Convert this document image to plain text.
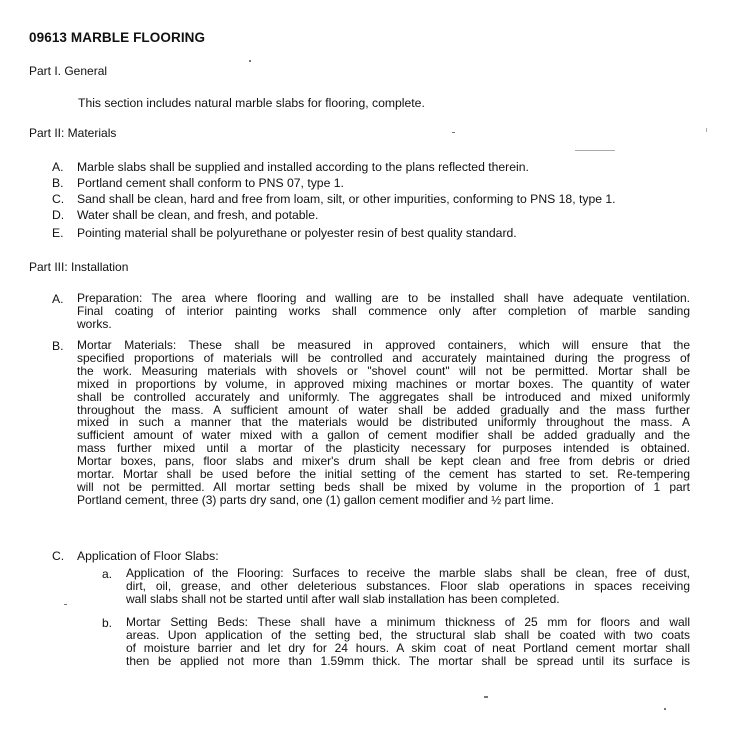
09613 MARBLE FLOORING
Part I. General
This section includes natural marble slabs for flooring, complete.
Part II: Materials
A. Marble slabs shall be supplied and installed according to the plans reflected therein.
B. Portland cement shall conform to PNS 07, type 1.
C. Sand shall be clean, hard and free from loam, silt, or other impurities, conforming to PNS 18, type 1.
D. Water shall be clean, and fresh, and potable.
E. Pointing material shall be polyurethane or polyester resin of best quality standard.
Part III: Installation
A. Preparation: The area where flooring and walling are to be installed shall have adequate ventilation.
Final coating of interior painting works shall commence only after completion of marble sanding
works.
B. Mortar Materials: These shall be measured in approved containers, which will ensure that the
specified proportions of materials will be controlled and accurately maintained during the progress of
the work. Measuring materials with shovels or "shovel count" will not be permitted. Mortar shall be
mixed in proportions by volume, in approved mixing machines or mortar boxes. The quantity of water
shall be controlled accurately and uniformly. The aggregates shall be introduced and mixed uniformly
throughout the mass. A sufficient amount of water shall be added gradually and the mass further
mixed in such a manner that the materials would be distributed uniformly throughout the mass. A
sufficient amount of water mixed with a gallon of cement modifier shall be added gradually and the
mass further mixed until a mortar of the plasticity necessary for purposes intended is obtained.
Mortar boxes, pans, floor slabs and mixer's drum shall be kept clean and free from debris or dried
mortar. Mortar shall be used before the initial setting of the cement has started to set. Re-tempering
will not be permitted. All mortar setting beds shall be mixed by volume in the proportion of 1 part
Portland cement, three (3) parts dry sand, one (1) gallon cement modifier and ½ part lime.
C. Application of Floor Slabs:
a. Application of the Flooring: Surfaces to receive the marble slabs shall be clean, free of dust,
dirt, oil, grease, and other deleterious substances. Floor slab operations in spaces receiving
wall slabs shall not be started until after wall slab installation has been completed.
b. Mortar Setting Beds: These shall have a minimum thickness of 25 mm for floors and wall
areas. Upon application of the setting bed, the structural slab shall be coated with two coats
of moisture barrier and let dry for 24 hours. A skim coat of neat Portland cement mortar shall
then be applied not more than 1.59mm thick. The mortar shall be spread until its surface is
